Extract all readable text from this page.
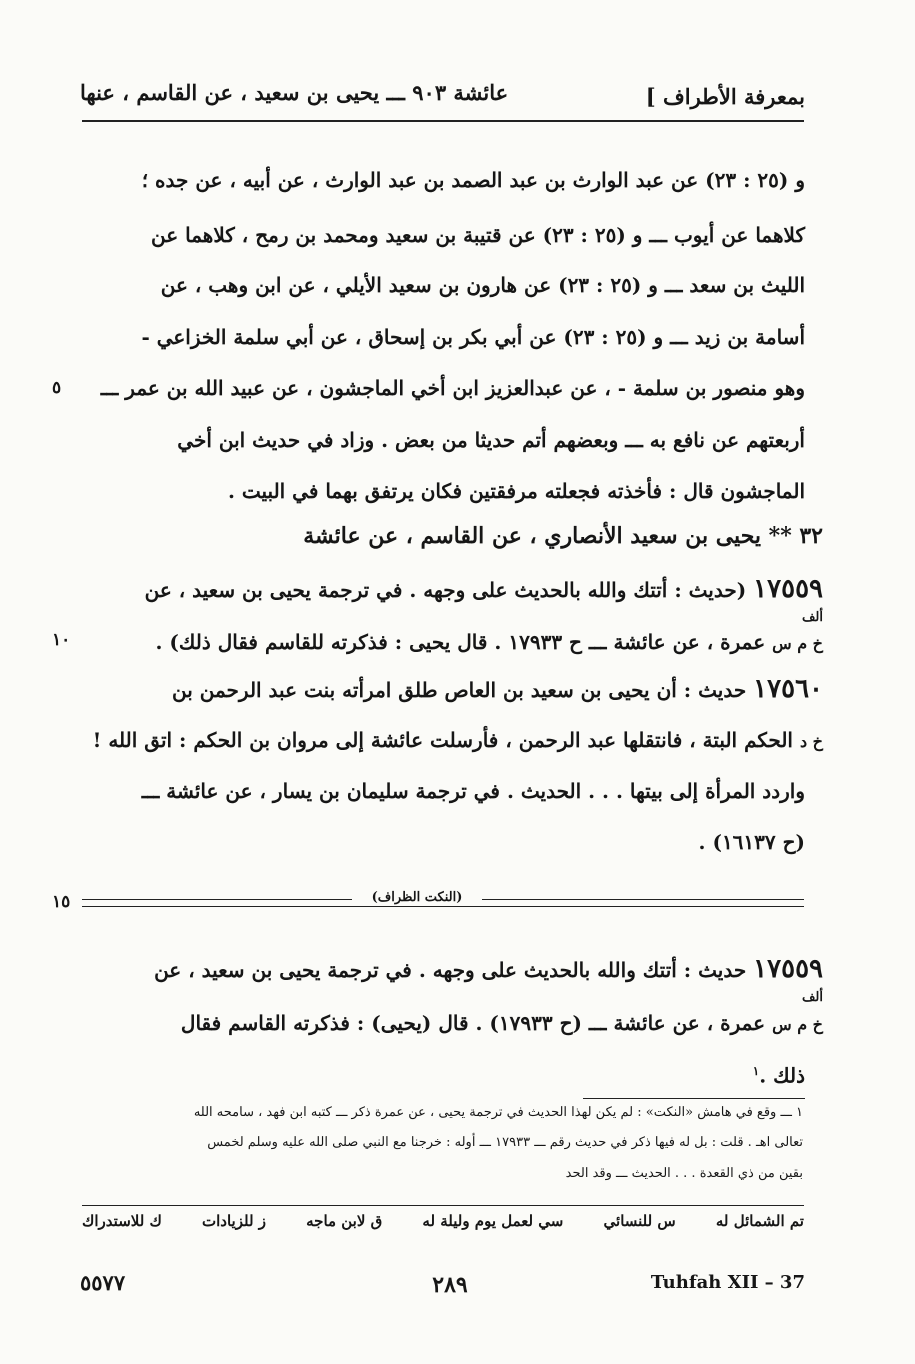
بمعرفة الأطراف ]
عائشة ٩٠٣ ـــ يحيى بن سعيد ، عن القاسم ، عنها
و (٢٥ : ٢٣) عن عبد الوارث بن عبد الصمد بن عبد الوارث ، عن أبيه ، عن جده ؛
كلاهما عن أيوب ـــ و (٢٥ : ٢٣) عن قتيبة بن سعيد ومحمد بن رمح ، كلاهما عن
الليث بن سعد ـــ و (٢٥ : ٢٣) عن هارون بن سعيد الأيلي ، عن ابن وهب ، عن
أسامة بن زيد ـــ و (٢٥ : ٢٣) عن أبي بكر بن إسحاق ، عن أبي سلمة الخزاعي -
وهو منصور بن سلمة - ، عن عبدالعزيز ابن أخي الماجشون ، عن عبيد الله بن عمر ـــ
أربعتهم عن نافع به ـــ وبعضهم أتم حديثا من بعض . وزاد في حديث ابن أخي
الماجشون قال : فأخذته فجعلته مرفقتين فكان يرتفق بهما في البيت .
٥
٣٢ ** يحيى بن سعيد الأنصاري ، عن القاسم ، عن عائشة
١٧٥٥٩ (حديث : أتتك والله بالحديث على وجهه . في ترجمة يحيى بن سعيد ، عن
ألف
خ م س عمرة ، عن عائشة ـــ ح ١٧٩٣٣ . قال يحيى : فذكرته للقاسم فقال ذلك) .
١٠
١٧٥٦٠ حديث : أن يحيى بن سعيد بن العاص طلق امرأته بنت عبد الرحمن بن
خ د الحكم البتة ، فانتقلها عبد الرحمن ، فأرسلت عائشة إلى مروان بن الحكم : اتق الله !
واردد المرأة إلى بيتها . . . الحديث . في ترجمة سليمان بن يسار ، عن عائشة ـــ
(ح ١٦١٣٧) .
(النكت الظراف)
١٥
١٧٥٥٩ حديث : أتتك والله بالحديث على وجهه . في ترجمة يحيى بن سعيد ، عن
ألف
خ م س عمرة ، عن عائشة ـــ (ح ١٧٩٣٣) . قال (يحيى) : فذكرته القاسم فقال
ذلك .$^١$
١ ـــ وقع في هامش «النكت» : لم يكن لهذا الحديث في ترجمة يحيى ، عن عمرة ذكر ـــ كتبه ابن فهد ، سامحه الله
تعالى اهـ . قلت : بل له فيها ذكر في حديث رقم ـــ ١٧٩٣٣ ـــ أوله : خرجنا مع النبي صلى الله عليه وسلم لخمس
بقين من ذي القعدة . . . الحديث ـــ وقد الحد
ك للاستدراك	ز للزيادات	ق لابن ماجه	سي لعمل يوم وليلة له	س للنسائي	تم الشمائل له
Tuhfah XII – 37
٢٨٩
٥٥٧٧
